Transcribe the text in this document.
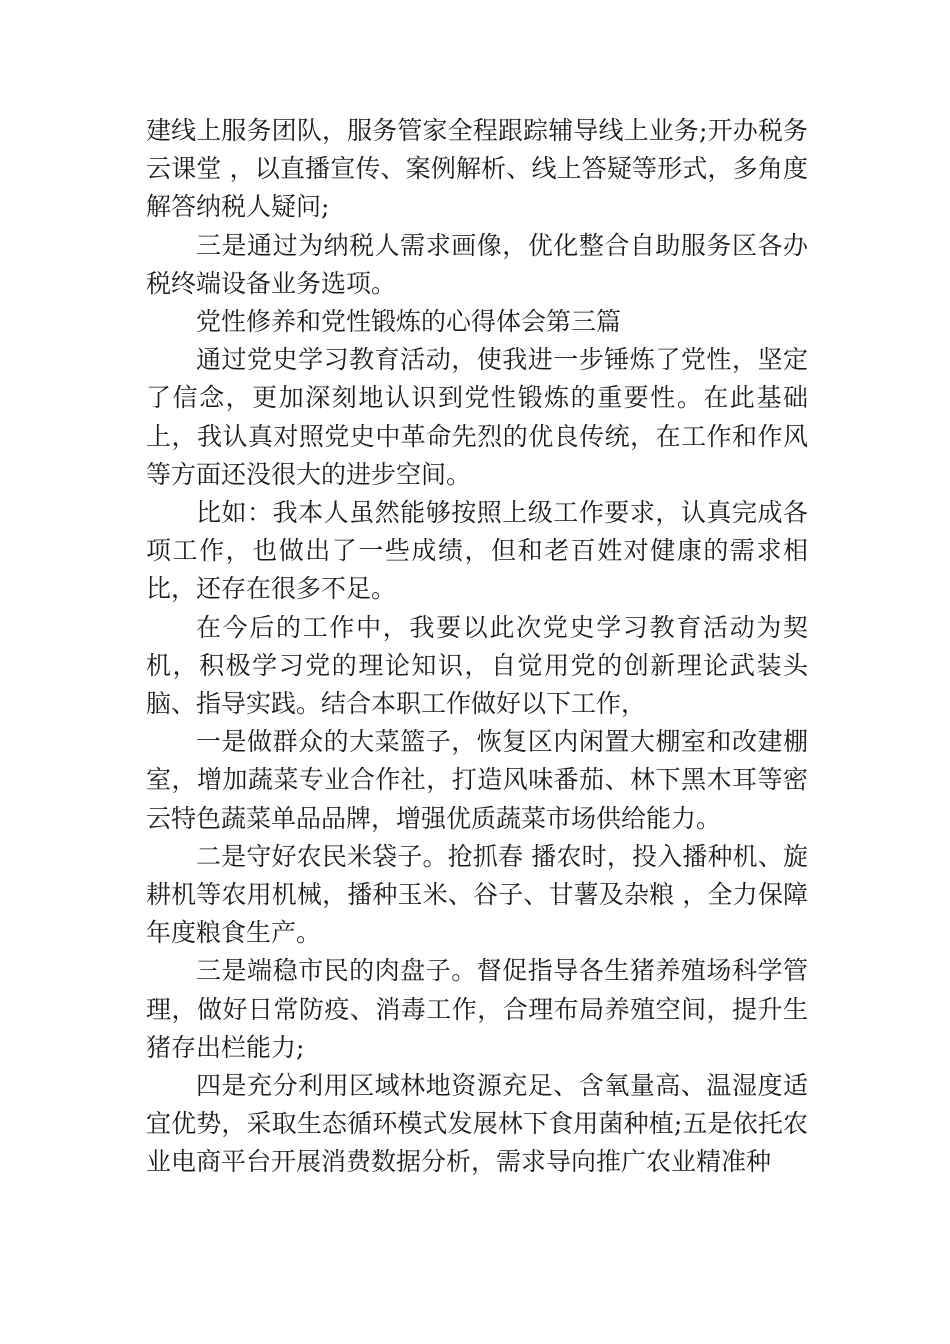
建线上服务团队，服务管家全程跟踪辅导线上业务;开办税务 云课堂 ，以直播宣传、案例解析、线上答疑等形式，多角度解答纳税人疑问;

三是通过为纳税人需求画像，优化整合自助服务区各办税终端设备业务选项。

党性修养和党性锻炼的心得体会第三篇

通过党史学习教育活动，使我进一步锤炼了党性，坚定了信念，更加深刻地认识到党性锻炼的重要性。在此基础上，我认真对照党史中革命先烈的优良传统，在工作和作风等方面还没很大的进步空间。

比如：我本人虽然能够按照上级工作要求，认真完成各项工作，也做出了一些成绩，但和老百姓对健康的需求相比，还存在很多不足。

在今后的工作中，我要以此次党史学习教育活动为契机，积极学习党的理论知识，自觉用党的创新理论武装头脑、指导实践。结合本职工作做好以下工作，

一是做群众的大菜篮子，恢复区内闲置大棚室和改建棚室，增加蔬菜专业合作社，打造风味番茄、林下黑木耳等密云特色蔬菜单品品牌，增强优质蔬菜市场供给能力。

二是守好农民米袋子。抢抓春 播农时，投入播种机、旋耕机等农用机械，播种玉米、谷子、甘薯及杂粮 ，全力保障年度粮食生产。

三是端稳市民的肉盘子。督促指导各生猪养殖场科学管理，做好日常防疫、消毒工作，合理布局养殖空间，提升生猪存出栏能力;

四是充分利用区域林地资源充足、含氧量高、温湿度适宜优势，采取生态循环模式发展林下食用菌种植;五是依托农业电商平台开展消费数据分析，需求导向推广农业精准种
